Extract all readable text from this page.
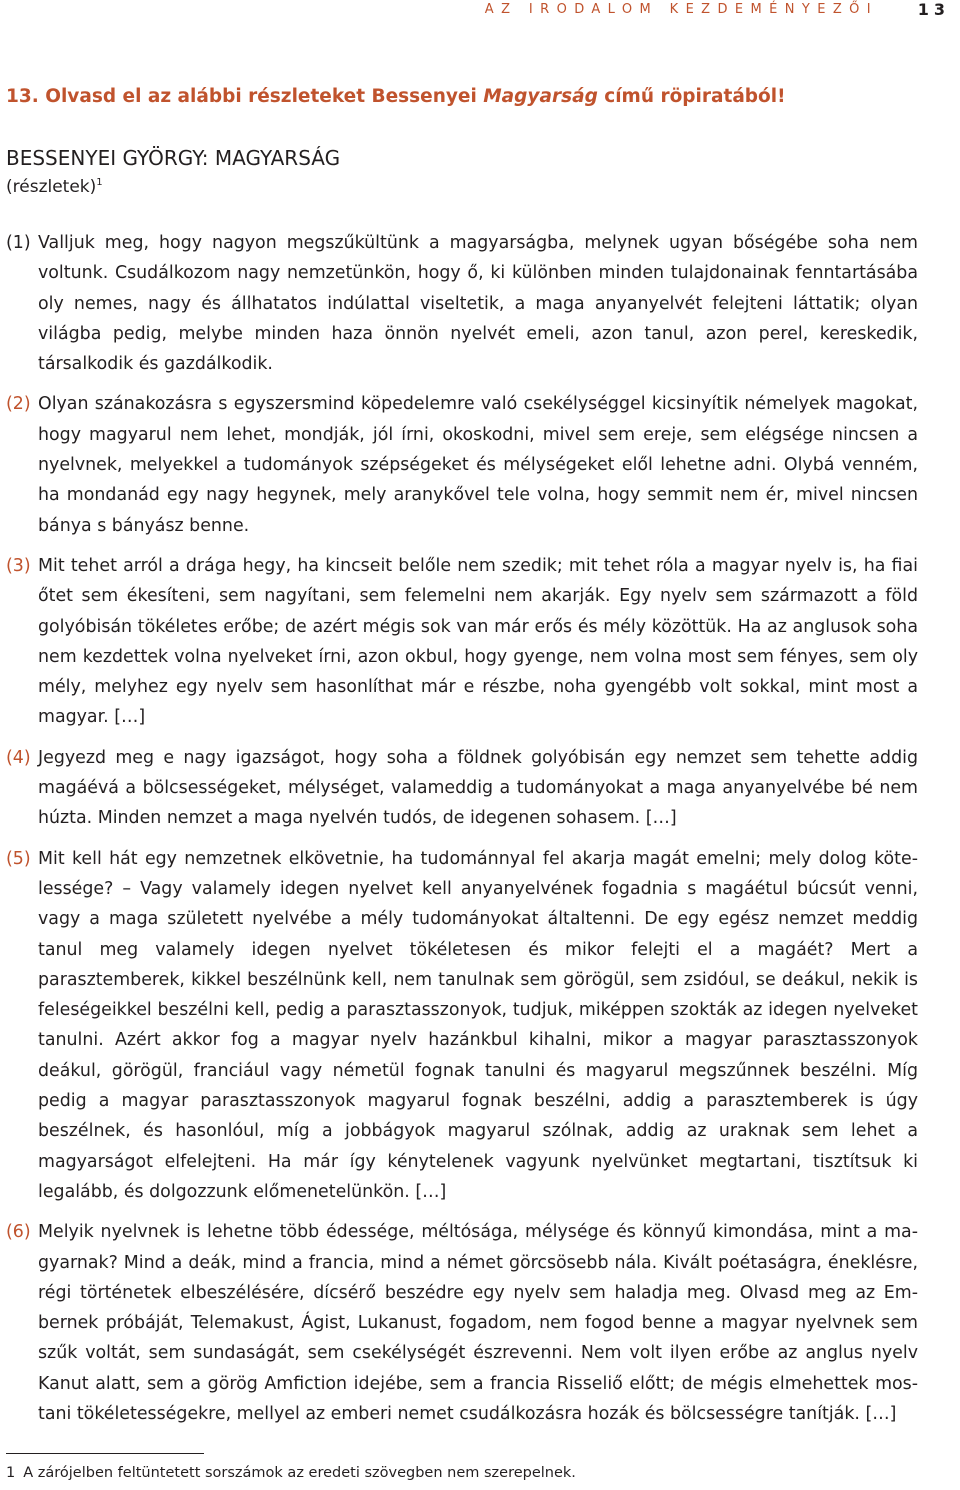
AZ IRODALOM KEZDEMÉNYEZŐI 13
13. Olvasd el az alábbi részleteket Bessenyei Magyarság című röpiratából!
BESSENYEI GYÖRGY: MAGYARSÁG
(részletek)$^1$

(1) Valljuk meg, hogy nagyon megszűkültünk a magyarságba, melynek ugyan bőségébe soha nem voltunk. Csudálkozom nagy nemzetünkön, hogy ő, ki különben minden tulajdonainak fenntartásába oly nemes, nagy és állhatatos indúlattal viseltetik, a maga anyanyelvét felejteni láttatik; olyan világba pedig, melybe minden haza önnön nyelvét emeli, azon tanul, azon perel, kereskedik, társalkodik és gazdálkodik.

(2) Olyan szánakozásra s egyszersmind köpedelemre való csekélységgel kicsinyítik némelyek magokat, hogy magyarul nem lehet, mondják, jól írni, okoskodni, mivel sem ereje, sem elégsége nincsen a nyelvnek, melyekkel a tudományok szépségeket és mélységeket elől lehetne adni. Olybá venném, ha mondanád egy nagy hegynek, mely aranykővel tele volna, hogy semmit nem ér, mivel nincsen bánya s bányász benne.

(3) Mit tehet arról a drága hegy, ha kincseit belőle nem szedik; mit tehet róla a magyar nyelv is, ha fiai őtet sem ékesíteni, sem nagyítani, sem felemelni nem akarják. Egy nyelv sem származott a föld golyóbisán tökéletes erőbe; de azért mégis sok van már erős és mély közöttük. Ha az anglusok soha nem kezdettek volna nyelveket írni, azon okbul, hogy gyenge, nem volna most sem fényes, sem oly mély, melyhez egy nyelv sem hasonlíthat már e részbe, noha gyengébb volt sokkal, mint most a magyar. […]

(4) Jegyezd meg e nagy igazságot, hogy soha a földnek golyóbisán egy nemzet sem tehette addig magáévá a bölcsességeket, mélységet, valameddig a tudományokat a maga anyanyelvébe bé nem húzta. Minden nemzet a maga nyelvén tudós, de idegenen sohasem. […]

(5) Mit kell hát egy nemzetnek elkövetnie, ha tudománnyal fel akarja magát emelni; mely dolog kötelessége? – Vagy valamely idegen nyelvet kell anyanyelvének fogadnia s magáétul búcsút venni, vagy a maga született nyelvébe a mély tudományokat általtenni. De egy egész nemzet meddig tanul meg valamely idegen nyelvet tökéletesen és mikor felejti el a magáét? Mert a parasztemberek, kikkel beszélnünk kell, nem tanulnak sem görögül, sem zsidóul, se deákul, nekik is feleségeikkel beszélni kell, pedig a parasztasszonyok, tudjuk, miképpen szokták az idegen nyelveket tanulni. Azért akkor fog a magyar nyelv hazánkbul kihalni, mikor a magyar parasztasszonyok deákul, görögül, franciául vagy németül fognak tanulni és magyarul megszűnnek beszélni. Míg pedig a magyar parasztasszonyok magyarul fognak beszélni, addig a parasztemberek is úgy beszélnek, és hasonlóul, míg a jobbágyok magyarul szólnak, addig az uraknak sem lehet a magyarságot elfelejteni. Ha már így kénytelenek vagyunk nyelvünket megtartani, tisztítsuk ki legalább, és dolgozzunk előmenetelünkön. […]

(6) Melyik nyelvnek is lehetne több édessége, méltósága, mélysége és könnyű kimondása, mint a magyarnak? Mind a deák, mind a francia, mind a német görcsösebb nála. Kivált poétaságra, éneklésre, régi történetek elbeszélésére, dícsérő beszédre egy nyelv sem haladja meg. Olvasd meg az Embernek próbáját, Telemakust, Ágist, Lukanust, fogadom, nem fogod benne a magyar nyelvnek sem szűk voltát, sem sundaságát, sem csekélységét észrevenni. Nem volt ilyen erőbe az anglus nyelv Kanut alatt, sem a görög Amfiction idejébe, sem a francia Risseliő előtt; de mégis elmehettek mostani tökéletességekre, mellyel az emberi nemet csudálkozásra hozák és bölcsességre tanítják. […]

1 A zárójelben feltüntetett sorszámok az eredeti szövegben nem szerepelnek.
